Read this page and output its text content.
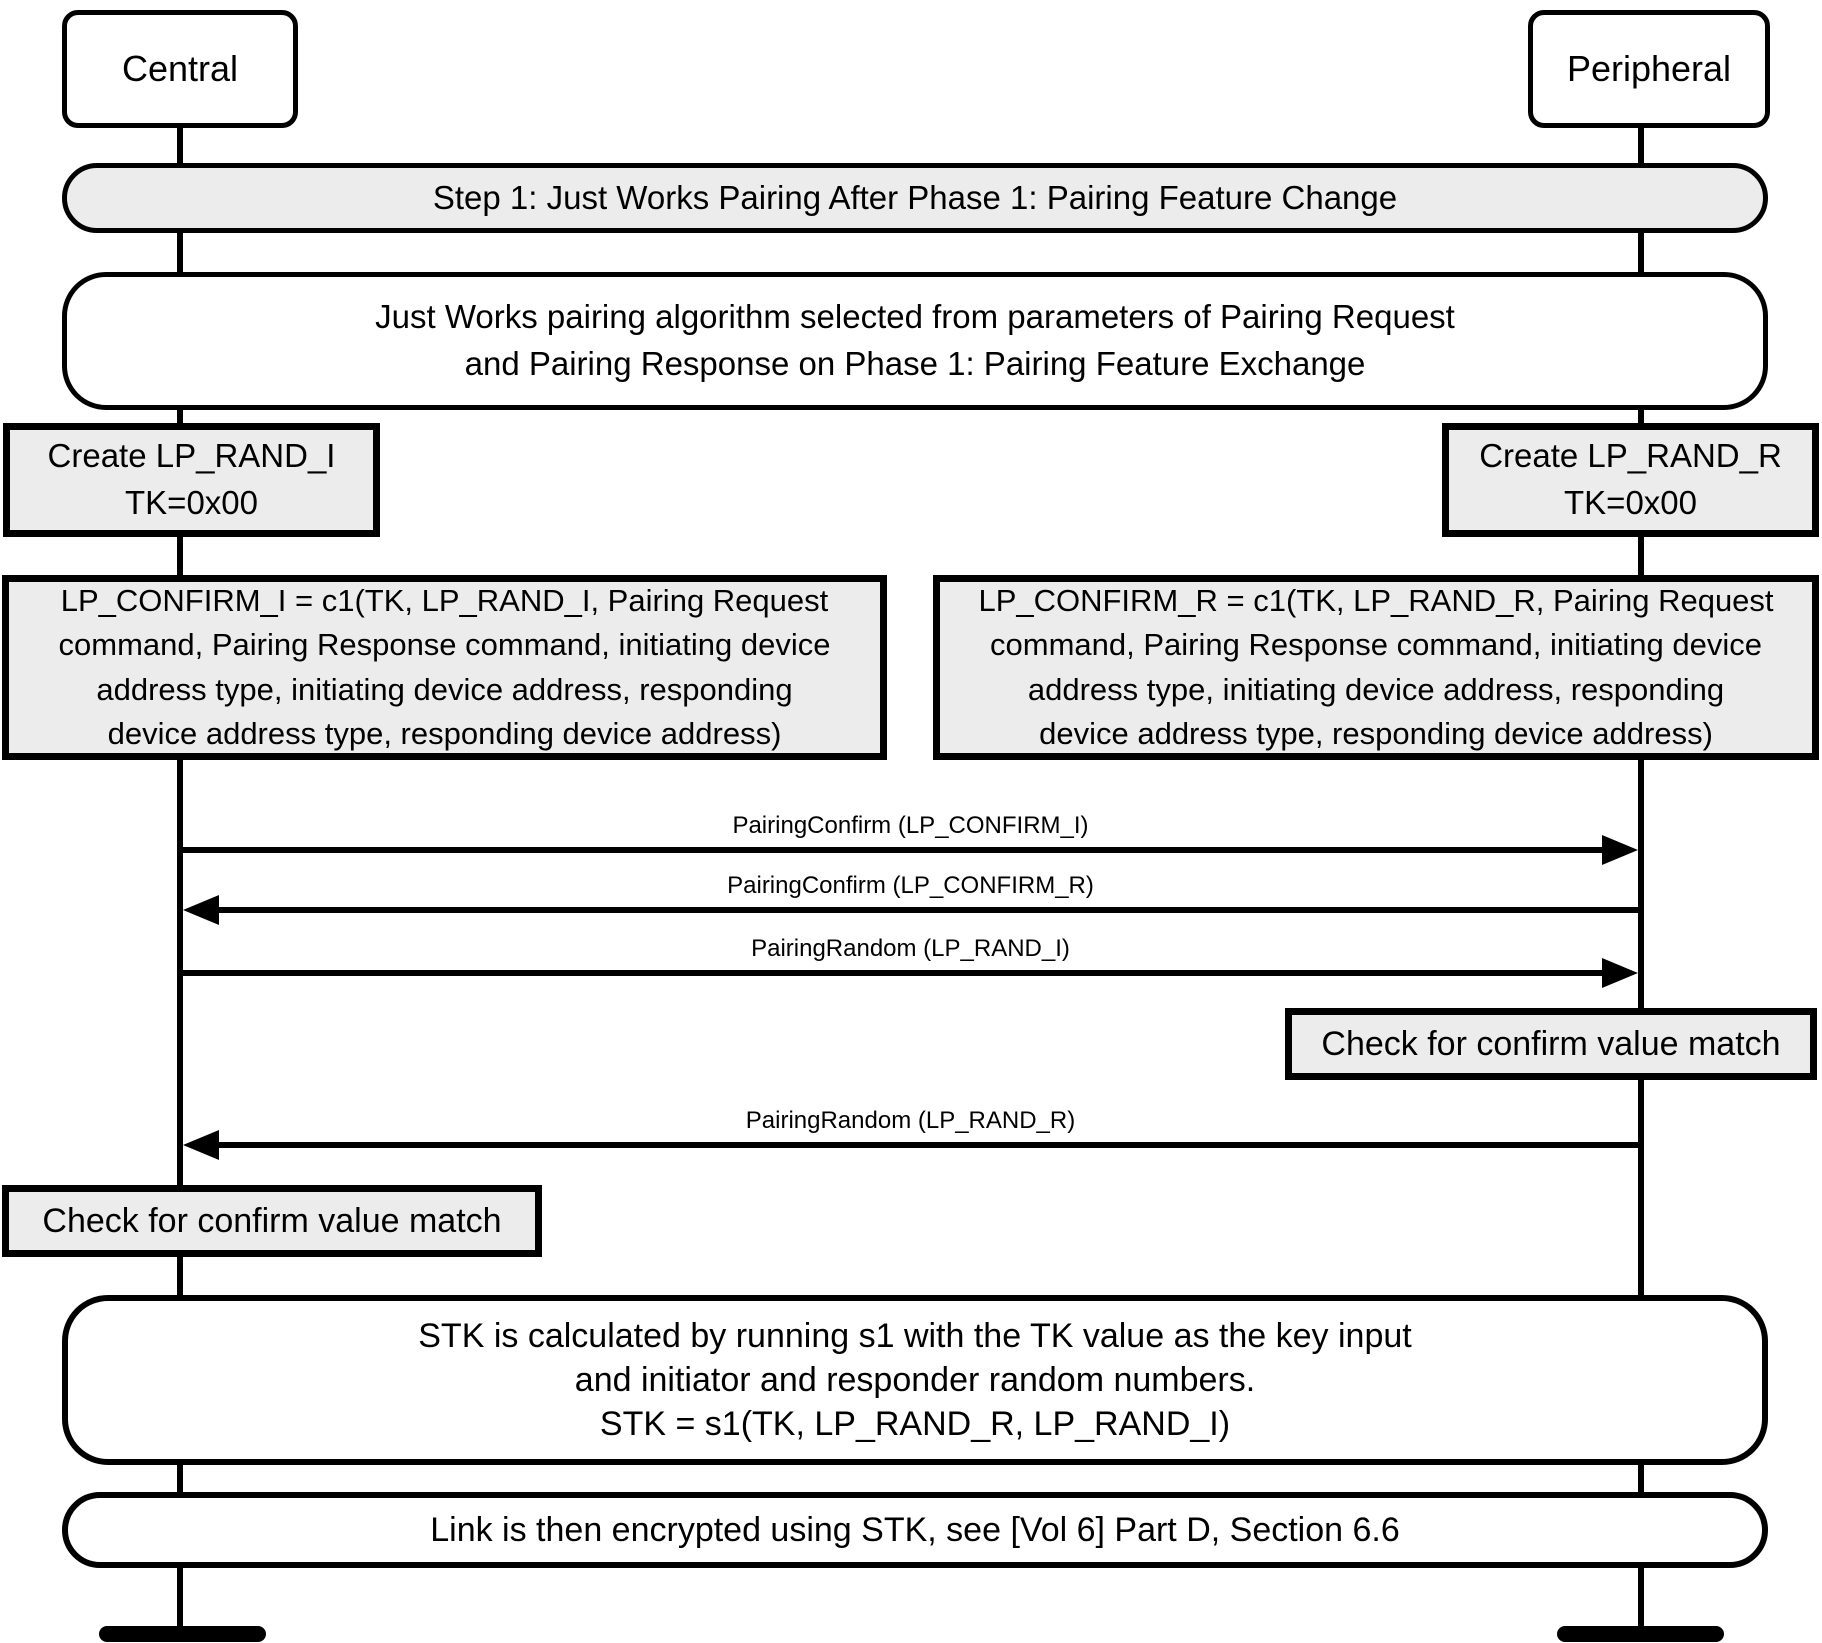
Central	Peripheral
Step 1: Just Works Pairing After Phase 1: Pairing Feature Change
Just Works pairing algorithm selected from parameters of Pairing Request
and Pairing Response on Phase 1: Pairing Feature Exchange
Create LP_RAND_I
TK=0x00
Create LP_RAND_R
TK=0x00
LP_CONFIRM_I = c1(TK, LP_RAND_I, Pairing Request
command, Pairing Response command, initiating device
address type, initiating device address, responding
device address type, responding device address)
LP_CONFIRM_R = c1(TK, LP_RAND_R, Pairing Request
command, Pairing Response command, initiating device
address type, initiating device address, responding
device address type, responding device address)
PairingConfirm (LP_CONFIRM_I)
PairingConfirm (LP_CONFIRM_R)
PairingRandom (LP_RAND_I)
Check for confirm value match
PairingRandom (LP_RAND_R)
Check for confirm value match
STK is calculated by running s1 with the TK value as the key input
and initiator and responder random numbers.
STK = s1(TK, LP_RAND_R, LP_RAND_I)
Link is then encrypted using STK, see [Vol 6] Part D, Section 6.6
